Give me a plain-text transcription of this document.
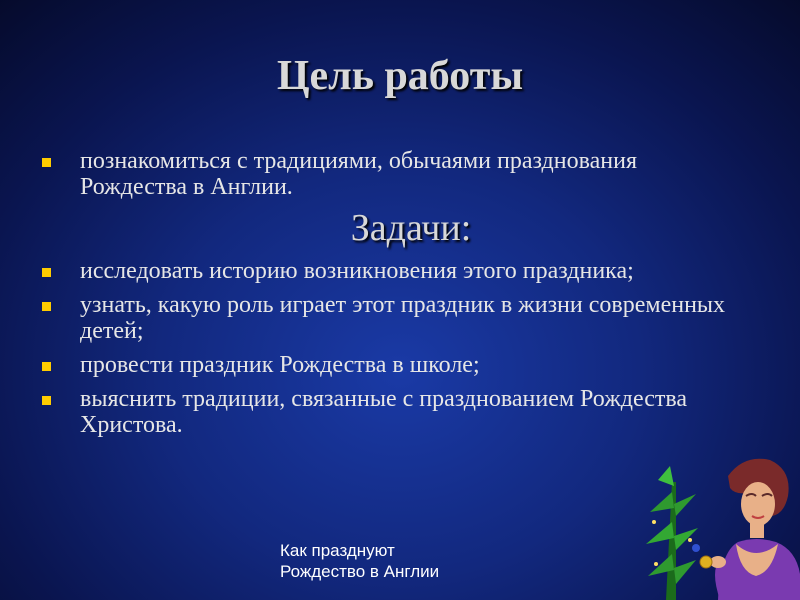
Цель работы
познакомиться с традициями, обычаями празднования Рождества в Англии.
Задачи:
исследовать историю возникновения этого праздника;
узнать, какую роль играет этот праздник в жизни современных детей;
провести праздник Рождества в школе;
выяснить традиции, связанные с празднованием Рождества Христова.
Как празднуют
Рождество в Англии
